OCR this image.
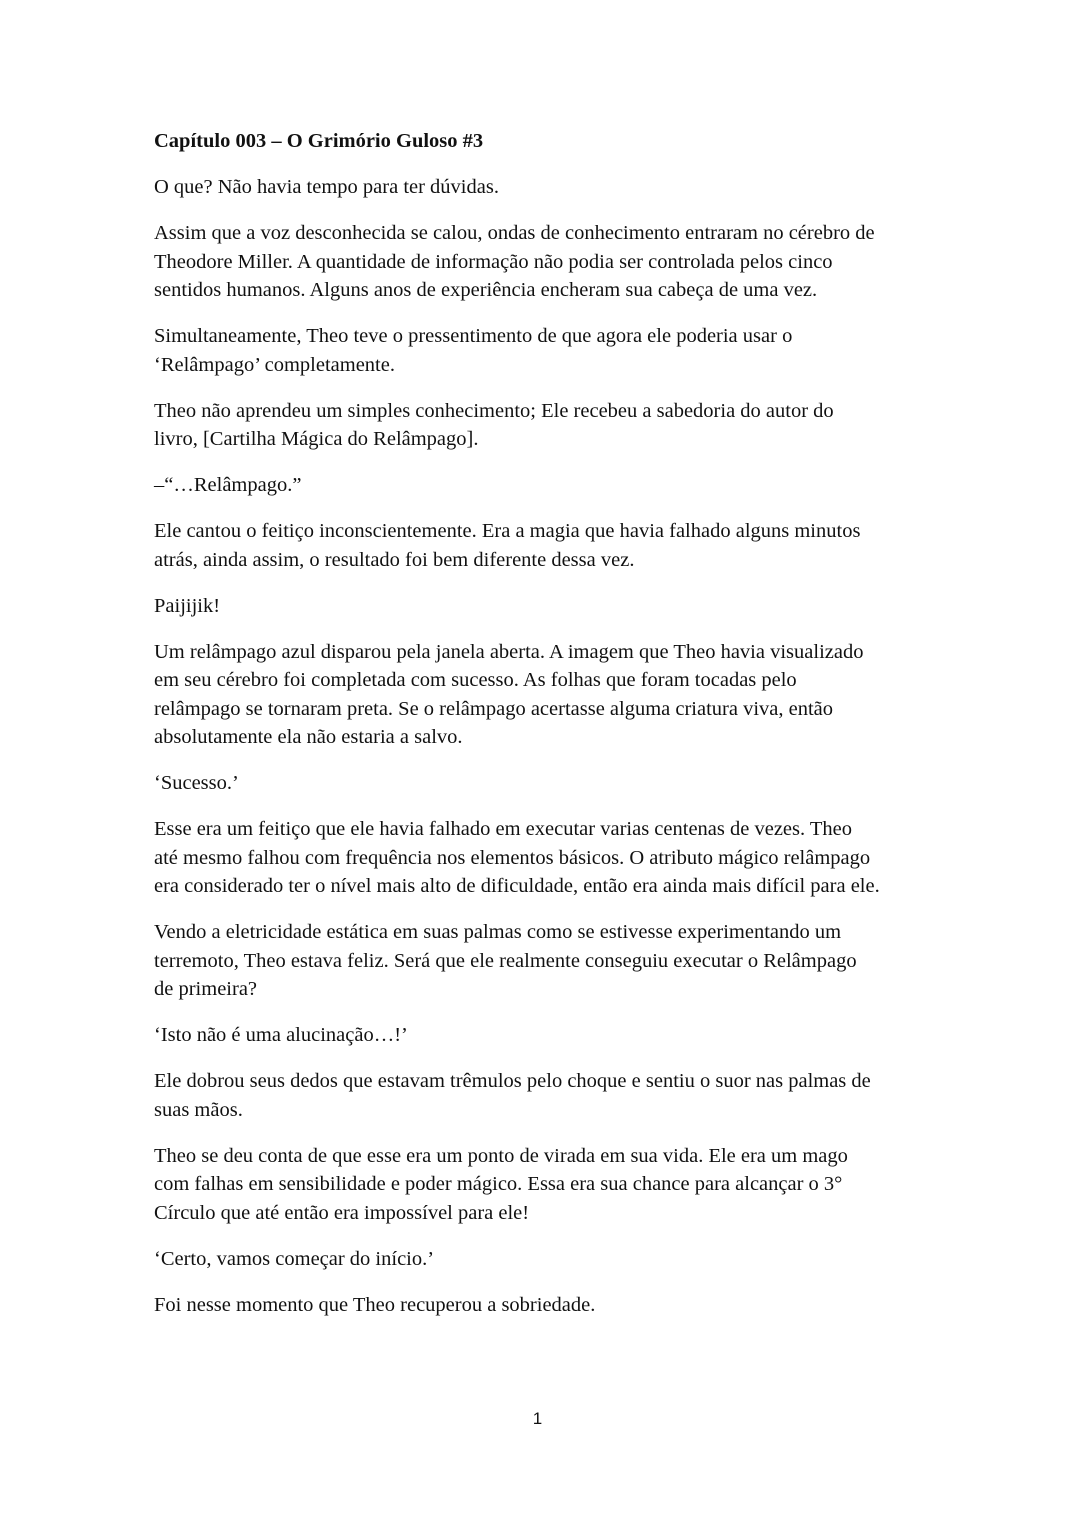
Capítulo 003 – O Grimório Guloso #3
O que? Não havia tempo para ter dúvidas.
Assim que a voz desconhecida se calou, ondas de conhecimento entraram no cérebro de
Theodore Miller. A quantidade de informação não podia ser controlada pelos cinco
sentidos humanos. Alguns anos de experiência encheram sua cabeça de uma vez.
Simultaneamente, Theo teve o pressentimento de que agora ele poderia usar o
‘Relâmpago’ completamente.
Theo não aprendeu um simples conhecimento; Ele recebeu a sabedoria do autor do
livro, [Cartilha Mágica do Relâmpago].
–“…Relâmpago.”
Ele cantou o feitiço inconscientemente. Era a magia que havia falhado alguns minutos
atrás, ainda assim, o resultado foi bem diferente dessa vez.
Paijijik!
Um relâmpago azul disparou pela janela aberta. A imagem que Theo havia visualizado
em seu cérebro foi completada com sucesso. As folhas que foram tocadas pelo
relâmpago se tornaram preta. Se o relâmpago acertasse alguma criatura viva, então
absolutamente ela não estaria a salvo.
‘Sucesso.’
Esse era um feitiço que ele havia falhado em executar varias centenas de vezes. Theo
até mesmo falhou com frequência nos elementos básicos. O atributo mágico relâmpago
era considerado ter o nível mais alto de dificuldade, então era ainda mais difícil para ele.
Vendo a eletricidade estática em suas palmas como se estivesse experimentando um
terremoto, Theo estava feliz. Será que ele realmente conseguiu executar o Relâmpago
de primeira?
‘Isto não é uma alucinação…!’
Ele dobrou seus dedos que estavam trêmulos pelo choque e sentiu o suor nas palmas de
suas mãos.
Theo se deu conta de que esse era um ponto de virada em sua vida. Ele era um mago
com falhas em sensibilidade e poder mágico. Essa era sua chance para alcançar o 3°
Círculo que até então era impossível para ele!
‘Certo, vamos começar do início.’
Foi nesse momento que Theo recuperou a sobriedade.
1
